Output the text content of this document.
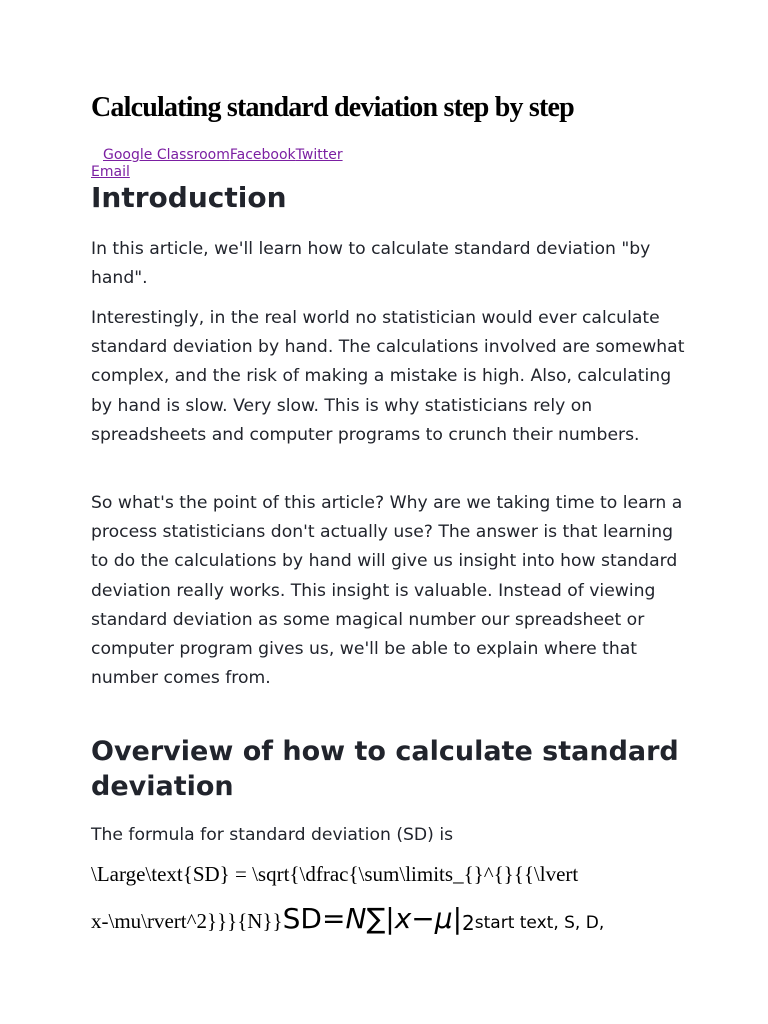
Calculating standard deviation step by step
Google ClassroomFacebookTwitter
Email
Introduction

In this article, we'll learn how to calculate standard deviation "by hand".

Interestingly, in the real world no statistician would ever calculate standard deviation by hand. The calculations involved are somewhat complex, and the risk of making a mistake is high. Also, calculating by hand is slow. Very slow. This is why statisticians rely on spreadsheets and computer programs to crunch their numbers.

So what's the point of this article? Why are we taking time to learn a process statisticians don't actually use? The answer is that learning to do the calculations by hand will give us insight into how standard deviation really works. This insight is valuable. Instead of viewing standard deviation as some magical number our spreadsheet or computer program gives us, we'll be able to explain where that number comes from.

Overview of how to calculate standard deviation

The formula for standard deviation (SD) is

\Large\text{SD} = \sqrt{\dfrac{\sum\limits_{}^{}{{\lvert
x-\mu\rvert^2}}}{N}}SD=N∑|x−μ|2start text, S, D,
